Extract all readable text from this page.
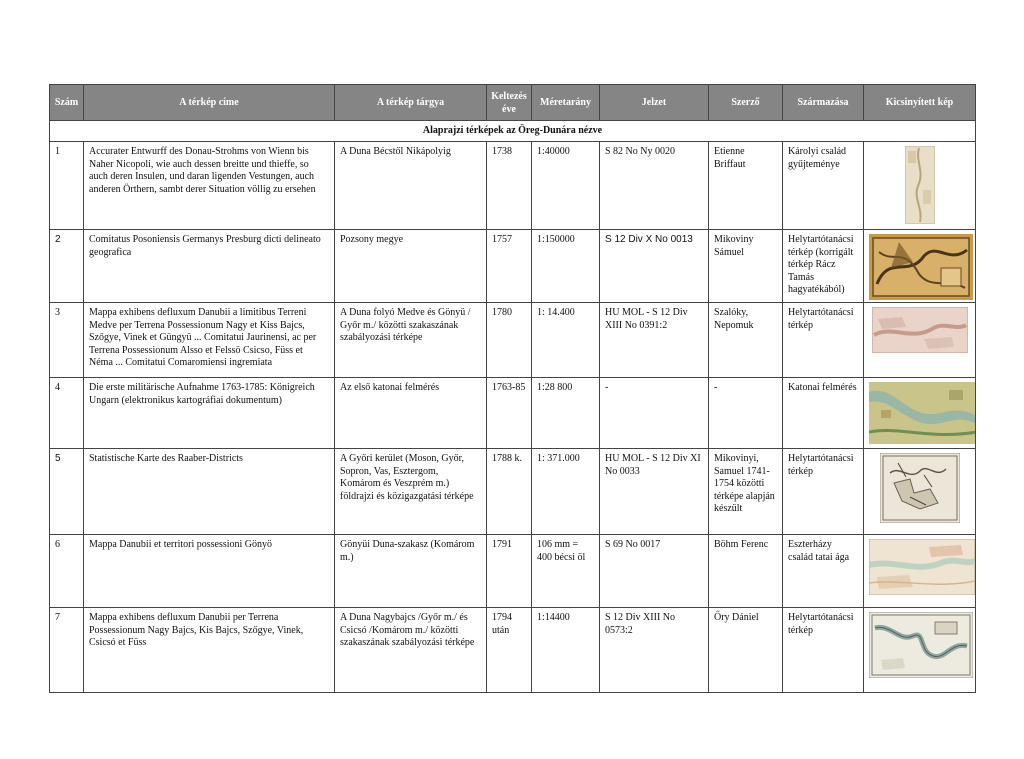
Szám	A térkép címe	A térkép tárgya	Keltezés éve	Méretarány	Jelzet	Szerző	Származása	Kicsinyített kép
Alaprajzi térképek az Öreg-Dunára nézve								
1	Accurater Entwurff des Donau-Strohms von Wienn bis Naher Nicopoli, wie auch dessen breitte und thieffe, so auch deren Insulen, und daran ligenden Vestungen, auch anderen Örthern, sambt derer Situation völlig zu ersehen	A Duna Bécstől Nikápolyig	1738	1:40000	S 82 No Ny 0020	Etienne Briffaut	Károlyi család gyűjteménye	

2	Comitatus Posoniensis Germanys Presburg dicti delineato geografica	Pozsony megye	1757	1:150000	S 12 Div X No 0013	Mikoviny Sámuel	Helytartótanácsi térkép (korrigált térkép Rácz Tamás hagyatékából)	

3	Mappa exhibens defluxum Danubii a limitibus Terreni Medve per Terrena Possessionum Nagy et Kiss Bajcs, Szőgye, Vinek et Güngyü ... Comitatui Jaurinensi, ac per Terrena Possessionum Alsso et Felssö Csicso, Füss et Néma ... Comitatui Comaromiensi ingremiata	A Duna folyó Medve és Gönyü / Győr m./ közötti szakaszának szabályozási térképe	1780	1: 14.400	HU MOL - S 12 Div XIII No 0391:2	Szalóky, Nepomuk	Helytartótanácsi térkép	

4	Die erste militärische Aufnahme 1763-1785: Königreich Ungarn (elektronikus kartográfiai dokumentum)	Az első katonai felmérés	1763-85	1:28 800	-	-	Katonai felmérés	

5	Statistische Karte des Raaber-Districts	A Győri kerület (Moson, Győr, Sopron, Vas, Esztergom, Komárom és Veszprém m.) földrajzi és közigazgatási térképe	1788 k.	1: 371.000	HU MOL - S 12 Div XI No 0033	Mikovinyi, Samuel 1741-1754 közötti térképe alapján készült	Helytartótanácsi térkép	

6	Mappa Danubii et territori possessioni Gönyö	Gönyüi Duna-szakasz (Komárom m.)	1791	106 mm = 400 bécsi öl	S 69 No 0017	Böhm Ferenc	Eszterházy család tatai ága	

7	Mappa exhibens defluxum Danubii per Terrena Possessionum Nagy Bajcs, Kis Bajcs, Szőgye, Vinek, Csicsó et Füss	A Duna Nagybajcs /Győr m./ és Csicsó /Komárom m./ közötti szakaszának szabályozási térképe	1794 után	1:14400	S 12 Div XIII No 0573:2	Őry Dániel	Helytartótanácsi térkép	
